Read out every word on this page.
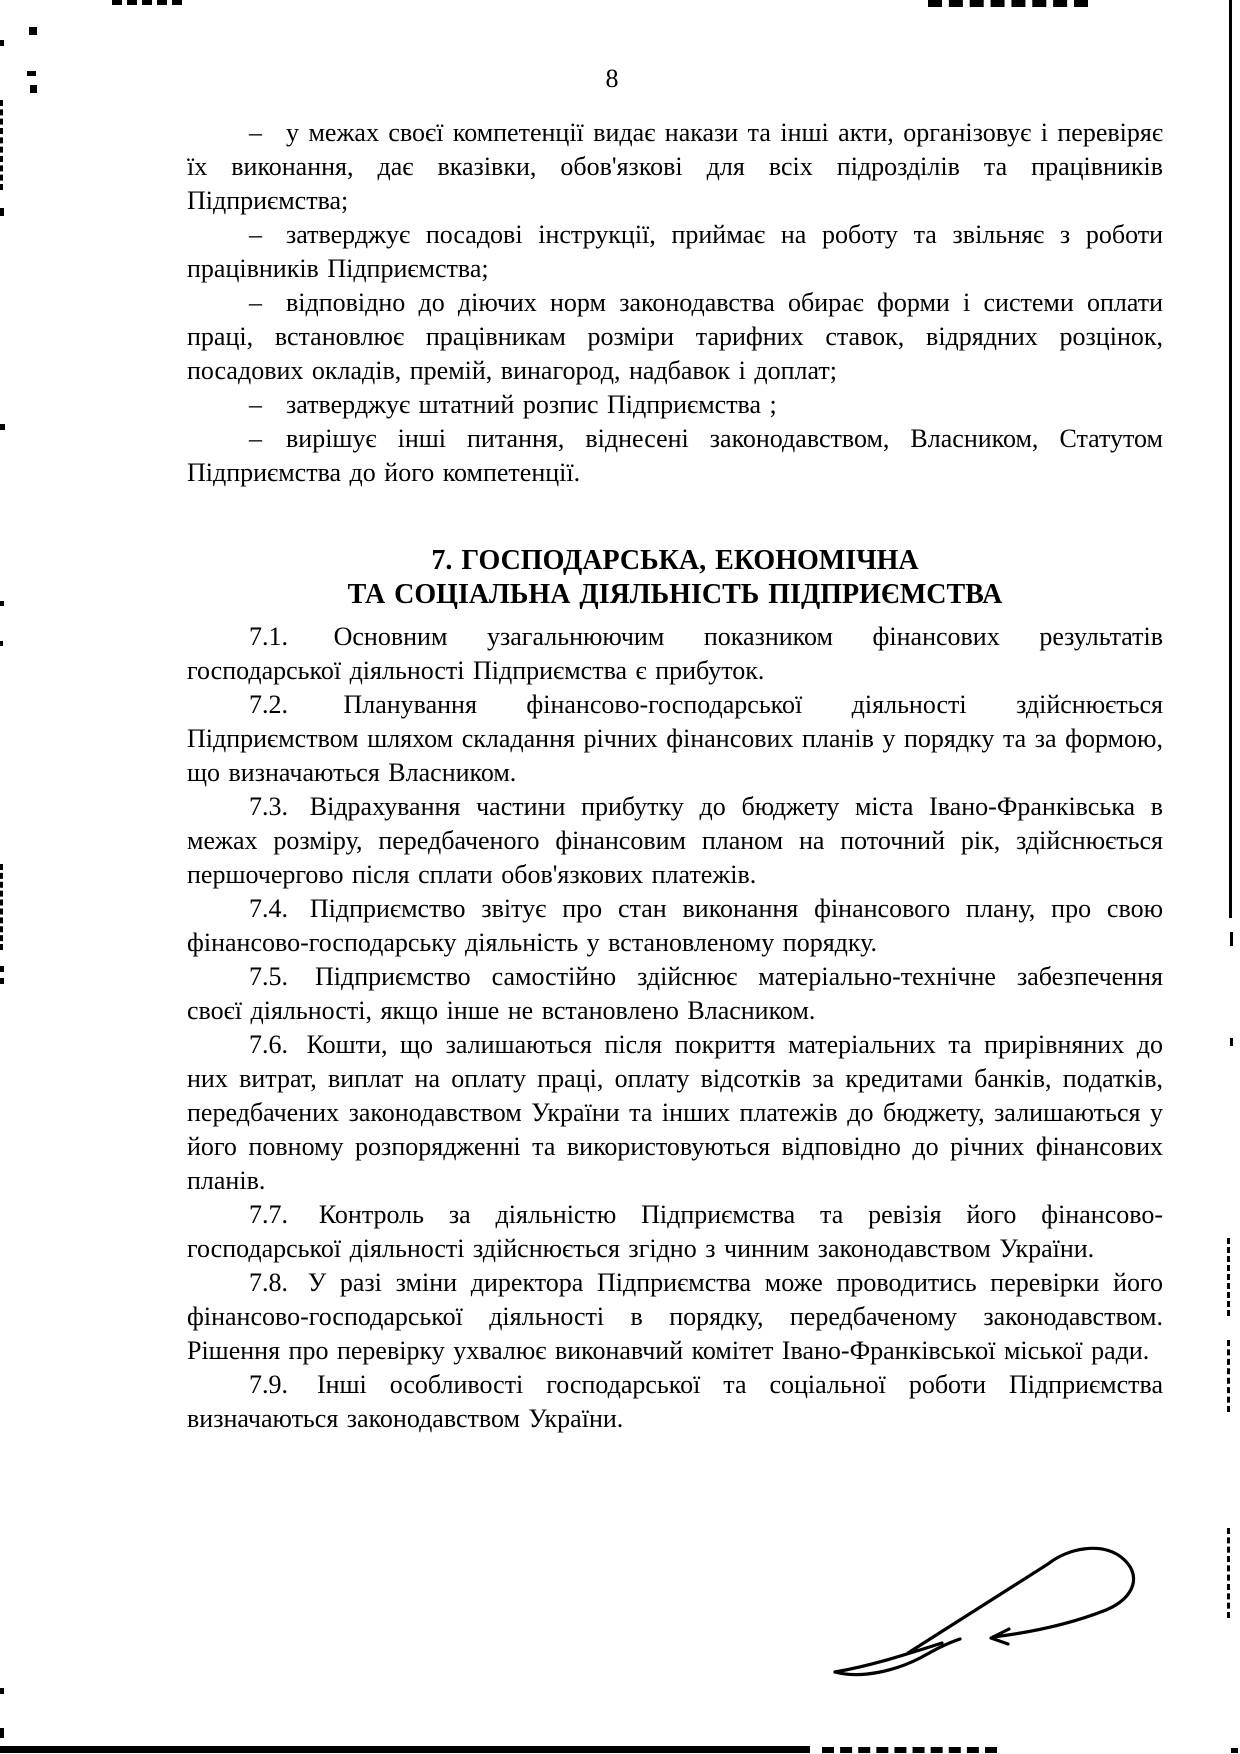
8

– у межах своєї компетенції видає накази та інші акти, організовує і перевіряє їх виконання, дає вказівки, обов'язкові для всіх підрозділів та працівників Підприємства;

– затверджує посадові інструкції, приймає на роботу та звільняє з роботи працівників Підприємства;

– відповідно до діючих норм законодавства обирає форми і системи оплати праці, встановлює працівникам розміри тарифних ставок, відрядних розцінок, посадових окладів, премій, винагород, надбавок і доплат;

– затверджує штатний розпис Підприємства ;

– вирішує інші питання, віднесені законодавством, Власником, Статутом Підприємства до його компетенції.

7. ГОСПОДАРСЬКА, ЕКОНОМІЧНА
ТА СОЦІАЛЬНА ДІЯЛЬНІСТЬ ПІДПРИЄМСТВА

7.1. Основним узагальнюючим показником фінансових результатів господарської діяльності Підприємства є прибуток.

7.2. Планування фінансово-господарської діяльності здійснюється Підприємством шляхом складання річних фінансових планів у порядку та за формою, що визначаються Власником.

7.3. Відрахування частини прибутку до бюджету міста Івано-Франківська в межах розміру, передбаченого фінансовим планом на поточний рік, здійснюється першочергово після сплати обов'язкових платежів.

7.4. Підприємство звітує про стан виконання фінансового плану, про свою фінансово-господарську діяльність у встановленому порядку.

7.5. Підприємство самостійно здійснює матеріально-технічне забезпечення своєї діяльності, якщо інше не встановлено Власником.

7.6. Кошти, що залишаються після покриття матеріальних та прирівняних до них витрат, виплат на оплату праці, оплату відсотків за кредитами банків, податків, передбачених законодавством України та інших платежів до бюджету, залишаються у його повному розпорядженні та використовуються відповідно до річних фінансових планів.

7.7. Контроль за діяльністю Підприємства та ревізія його фінансово-господарської діяльності здійснюється згідно з чинним законодавством України.

7.8. У разі зміни директора Підприємства може проводитись перевірки його фінансово-господарської діяльності в порядку, передбаченому законодавством. Рішення про перевірку ухвалює виконавчий комітет Івано-Франківської міської ради.

7.9. Інші особливості господарської та соціальної роботи Підприємства визначаються законодавством України.
